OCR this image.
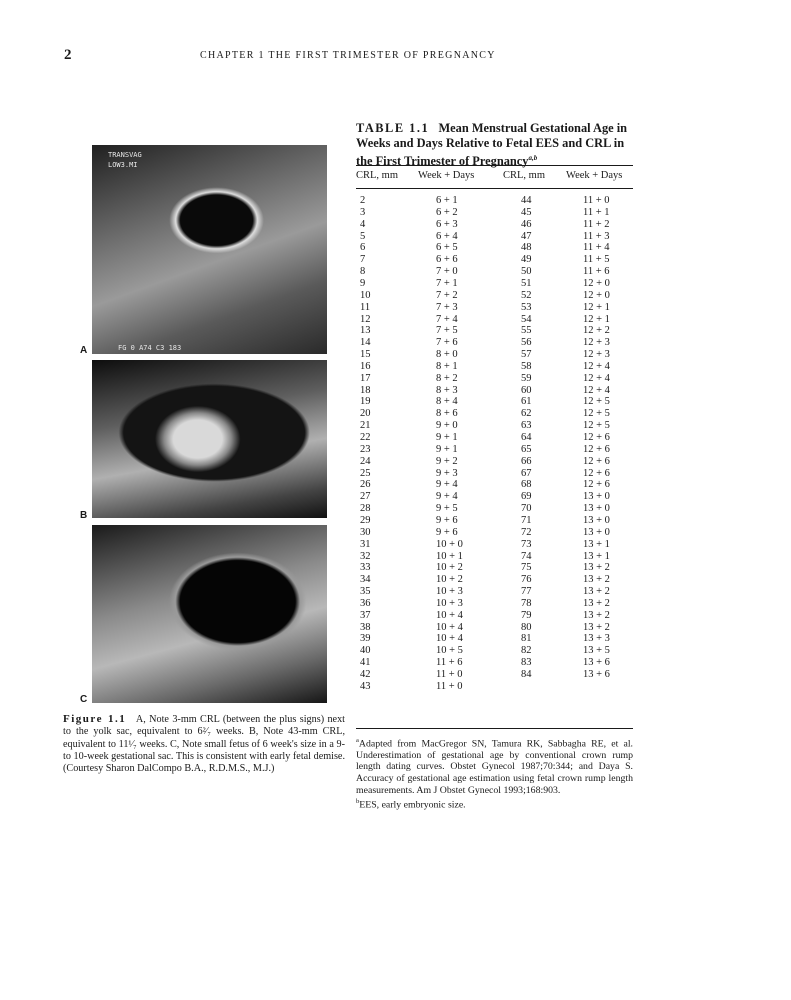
2	CHAPTER 1 THE FIRST TRIMESTER OF PREGNANCY
TRANSVAG
LOW3.MI
FG 0 A74 C3 183
A
B
C
Figure 1.1 A, Note 3-mm CRL (between the plus signs) next to the yolk sac, equivalent to 6²⁄₇ weeks. B, Note 43-mm CRL, equivalent to 11¹⁄₇ weeks. C, Note small fetus of 6 week's size in a 9- to 10-week gestational sac. This is consistent with early fetal demise. (Courtesy Sharon DalCompo B.A., R.D.M.S., M.J.)
TABLE 1.1 Mean Menstrual Gestational Age in Weeks and Days Relative to Fetal EES and CRL in the First Trimester of Pregnancy$^{a,b}$
CRL, mm Week + Days	CRL, mm Week + Days
2	6 + 1	44	11 + 0
3	6 + 2	45	11 + 1
4	6 + 3	46	11 + 2
5	6 + 4	47	11 + 3
6	6 + 5	48	11 + 4
7	6 + 6	49	11 + 5
8	7 + 0	50	11 + 6
9	7 + 1	51	12 + 0
10	7 + 2	52	12 + 0
11	7 + 3	53	12 + 1
12	7 + 4	54	12 + 1
13	7 + 5	55	12 + 2
14	7 + 6	56	12 + 3
15	8 + 0	57	12 + 3
16	8 + 1	58	12 + 4
17	8 + 2	59	12 + 4
18	8 + 3	60	12 + 4
19	8 + 4	61	12 + 5
20	8 + 6	62	12 + 5
21	9 + 0	63	12 + 5
22	9 + 1	64	12 + 6
23	9 + 1	65	12 + 6
24	9 + 2	66	12 + 6
25	9 + 3	67	12 + 6
26	9 + 4	68	12 + 6
27	9 + 4	69	13 + 0
28	9 + 5	70	13 + 0
29	9 + 6	71	13 + 0
30	9 + 6	72	13 + 0
31	10 + 0	73	13 + 1
32	10 + 1	74	13 + 1
33	10 + 2	75	13 + 2
34	10 + 2	76	13 + 2
35	10 + 3	77	13 + 2
36	10 + 3	78	13 + 2
37	10 + 4	79	13 + 2
38	10 + 4	80	13 + 2
39	10 + 4	81	13 + 3
40	10 + 5	82	13 + 5
41	11 + 6	83	13 + 6
42	11 + 0	84	13 + 6
43	11 + 0
$^a$Adapted from MacGregor SN, Tamura RK, Sabbagha RE, et al. Underestimation of gestational age by conventional crown rump length dating curves. Obstet Gynecol 1987;70:344; and Daya S. Accuracy of gestational age estimation using fetal crown rump length measurements. Am J Obstet Gynecol 1993;168:903.
$^b$EES, early embryonic size.
